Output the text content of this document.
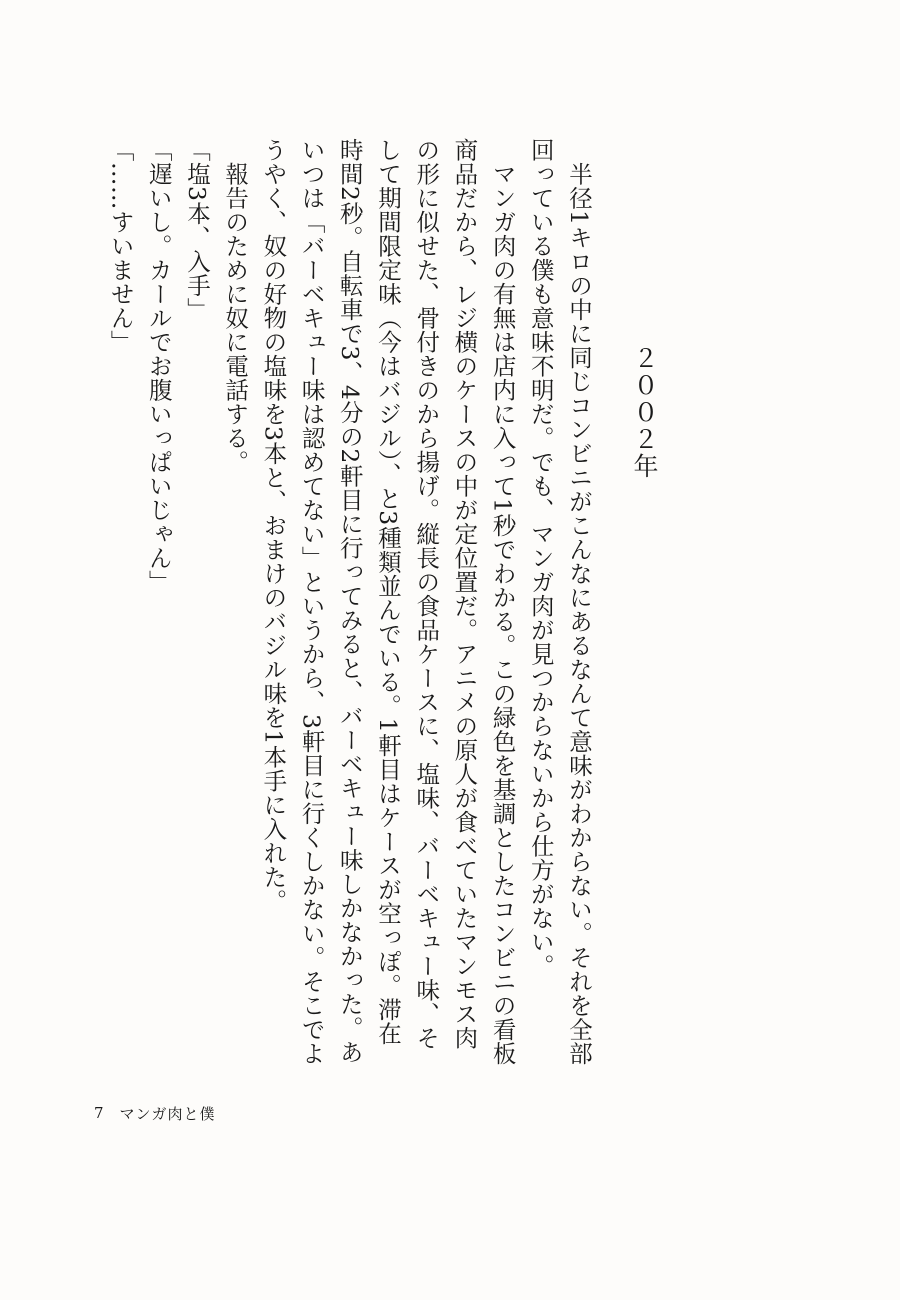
２００２年

半径1キロの中に同じコンビニがこんなにあるなんて意味がわからない。それを全部回っている僕も意味不明だ。でも、マンガ肉が見つからないから仕方がない。

マンガ肉の有無は店内に入って1秒でわかる。この緑色を基調としたコンビニの看板商品だから、レジ横のケースの中が定位置だ。アニメの原人が食べていたマンモス肉の形に似せた、骨付きのから揚げ。縦長の食品ケースに、塩味、バーベキュー味、そして期間限定味（今はバジル）、と3種類並んでいる。1軒目はケースが空っぽ。滞在時間2秒。自転車で3、4分の2軒目に行ってみると、バーベキュー味しかなかった。あいつは「バーベキュー味は認めてない」というから、3軒目に行くしかない。そこでようやく、奴の好物の塩味を3本と、おまけのバジル味を1本手に入れた。

報告のために奴に電話する。

「塩3本、入手」

「遅いし。カールでお腹いっぱいじゃん」

「……すいません」

7 マンガ肉と僕
